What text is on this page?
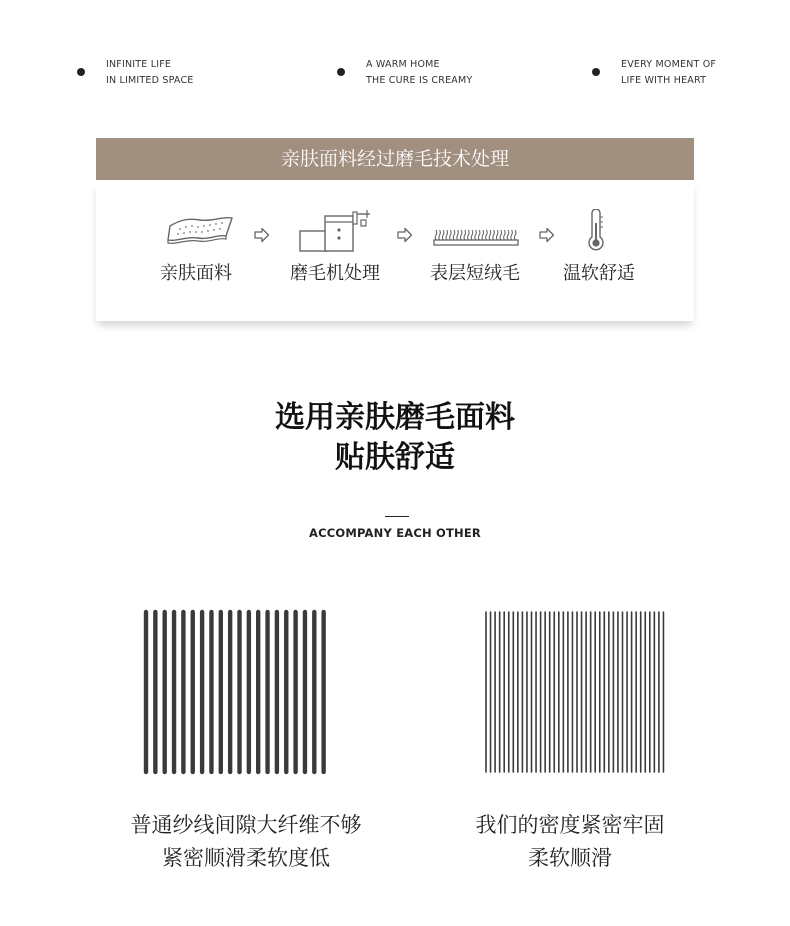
INFINITE LIFE
IN LIMITED SPACE
A WARM HOME
THE CURE IS CREAMY
EVERY MOMENT OF
LIFE WITH HEART
亲肤面料经过磨毛技术处理
亲肤面料	磨毛机处理	表层短绒毛	温软舒适
选用亲肤磨毛面料
贴肤舒适
ACCOMPANY EACH OTHER
普通纱线间隙大纤维不够
紧密顺滑柔软度低
我们的密度紧密牢固
柔软顺滑
